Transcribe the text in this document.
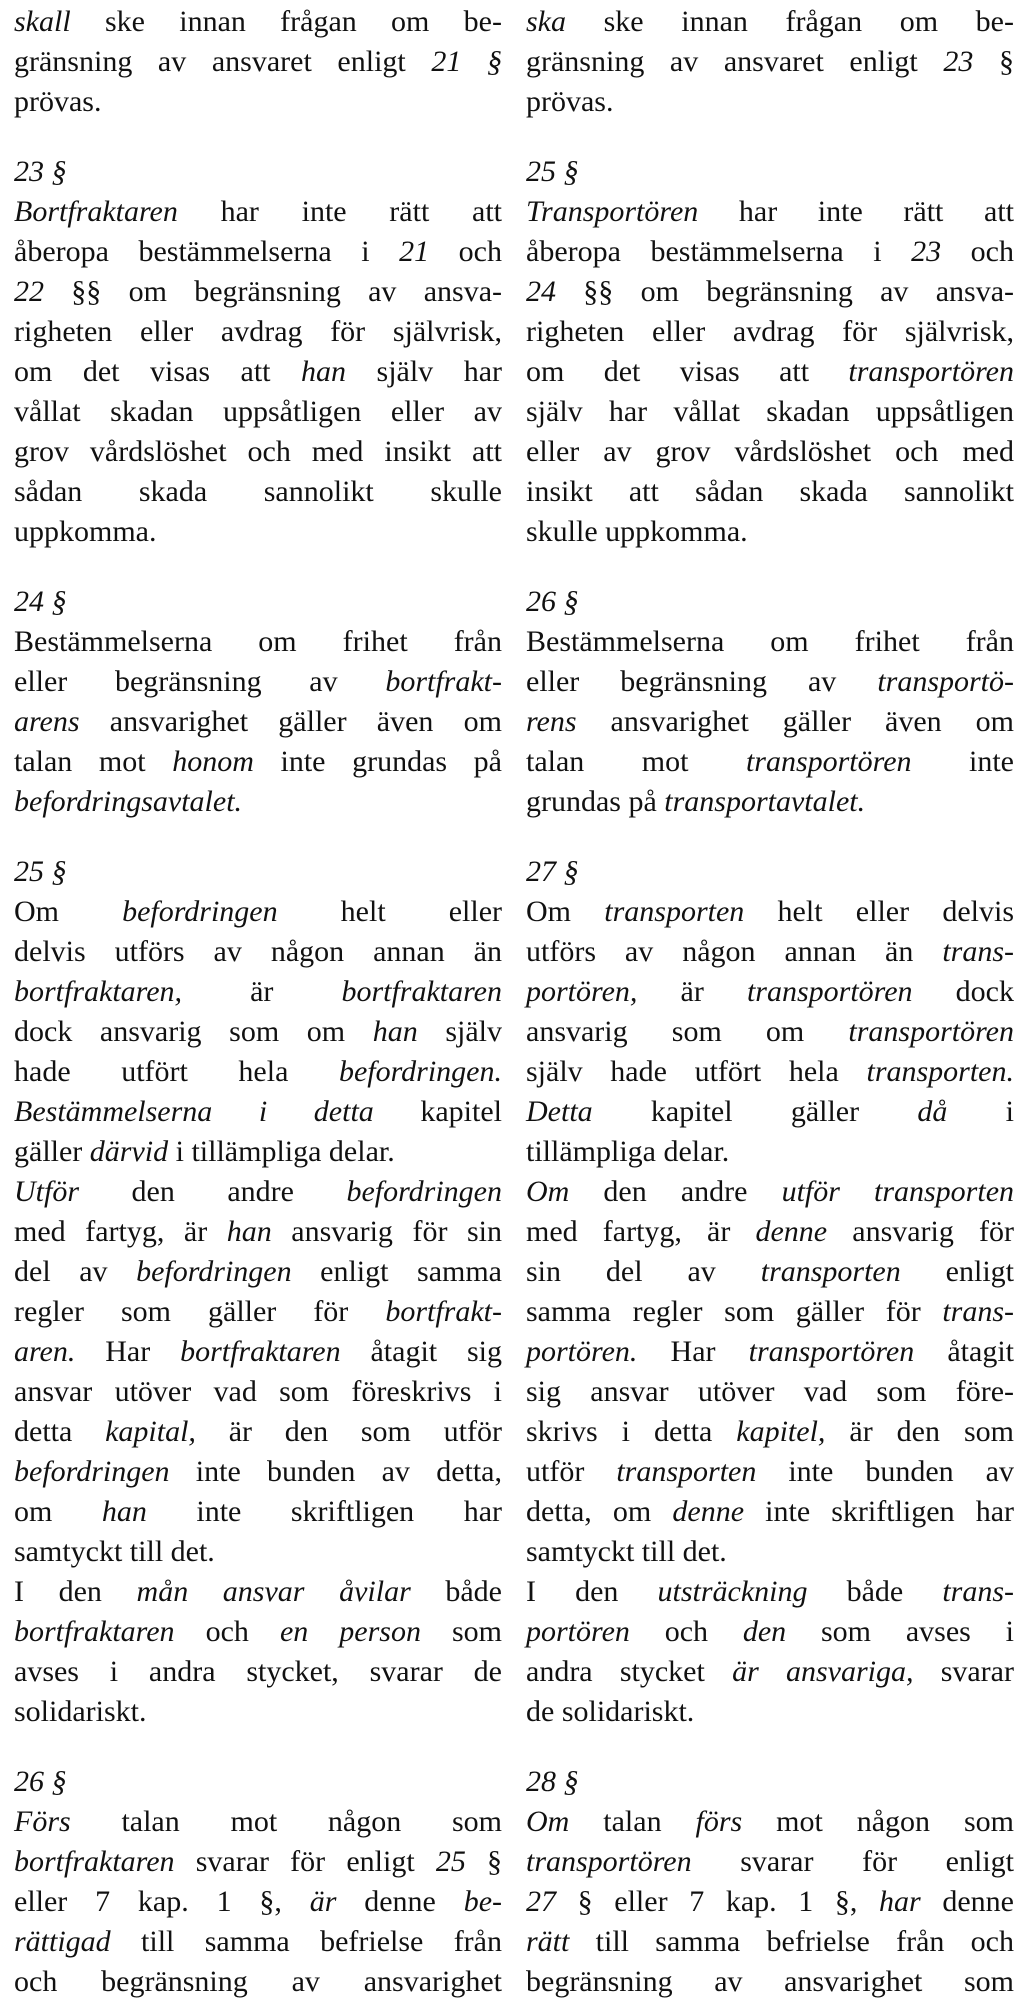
skall ske innan frågan om be-
gränsning av ansvaret enligt 21 §
prövas.
23 §
Bortfraktaren har inte rätt att
åberopa bestämmelserna i 21 och
22 §§ om begränsning av ansva-
righeten eller avdrag för självrisk,
om det visas att han själv har
vållat skadan uppsåtligen eller av
grov vårdslöshet och med insikt att
sådan skada sannolikt skulle
uppkomma.
24 §
Bestämmelserna om frihet från
eller begränsning av bortfrakt-
arens ansvarighet gäller även om
talan mot honom inte grundas på
befordringsavtalet.
25 §
Om befordringen helt eller
delvis utförs av någon annan än
bortfraktaren, är bortfraktaren
dock ansvarig som om han själv
hade utfört hela befordringen.
Bestämmelserna i detta kapitel
gäller därvid i tillämpliga delar.
Utför den andre befordringen
med fartyg, är han ansvarig för sin
del av befordringen enligt samma
regler som gäller för bortfrakt-
aren. Har bortfraktaren åtagit sig
ansvar utöver vad som föreskrivs i
detta kapital, är den som utför
befordringen inte bunden av detta,
om han inte skriftligen har
samtyckt till det.
I den mån ansvar åvilar både
bortfraktaren och en person som
avses i andra stycket, svarar de
solidariskt.
26 §
Förs talan mot någon som
bortfraktaren svarar för enligt 25 §
eller 7 kap. 1 §, är denne be-
rättigad till samma befrielse från
och begränsning av ansvarighet
ska ske innan frågan om be-
gränsning av ansvaret enligt 23 §
prövas.
25 §
Transportören har inte rätt att
åberopa bestämmelserna i 23 och
24 §§ om begränsning av ansva-
righeten eller avdrag för självrisk,
om det visas att transportören
själv har vållat skadan uppsåtligen
eller av grov vårdslöshet och med
insikt att sådan skada sannolikt
skulle uppkomma.
26 §
Bestämmelserna om frihet från
eller begränsning av transportö-
rens ansvarighet gäller även om
talan mot transportören inte
grundas på transportavtalet.
27 §
Om transporten helt eller delvis
utförs av någon annan än trans-
portören, är transportören dock
ansvarig som om transportören
själv hade utfört hela transporten.
Detta kapitel gäller då i
tillämpliga delar.
Om den andre utför transporten
med fartyg, är denne ansvarig för
sin del av transporten enligt
samma regler som gäller för trans-
portören. Har transportören åtagit
sig ansvar utöver vad som före-
skrivs i detta kapitel, är den som
utför transporten inte bunden av
detta, om denne inte skriftligen har
samtyckt till det.
I den utsträckning både trans-
portören och den som avses i
andra stycket är ansvariga, svarar
de solidariskt.
28 §
Om talan förs mot någon som
transportören svarar för enligt
27 § eller 7 kap. 1 §, har denne
rätt till samma befrielse från och
begränsning av ansvarighet som
